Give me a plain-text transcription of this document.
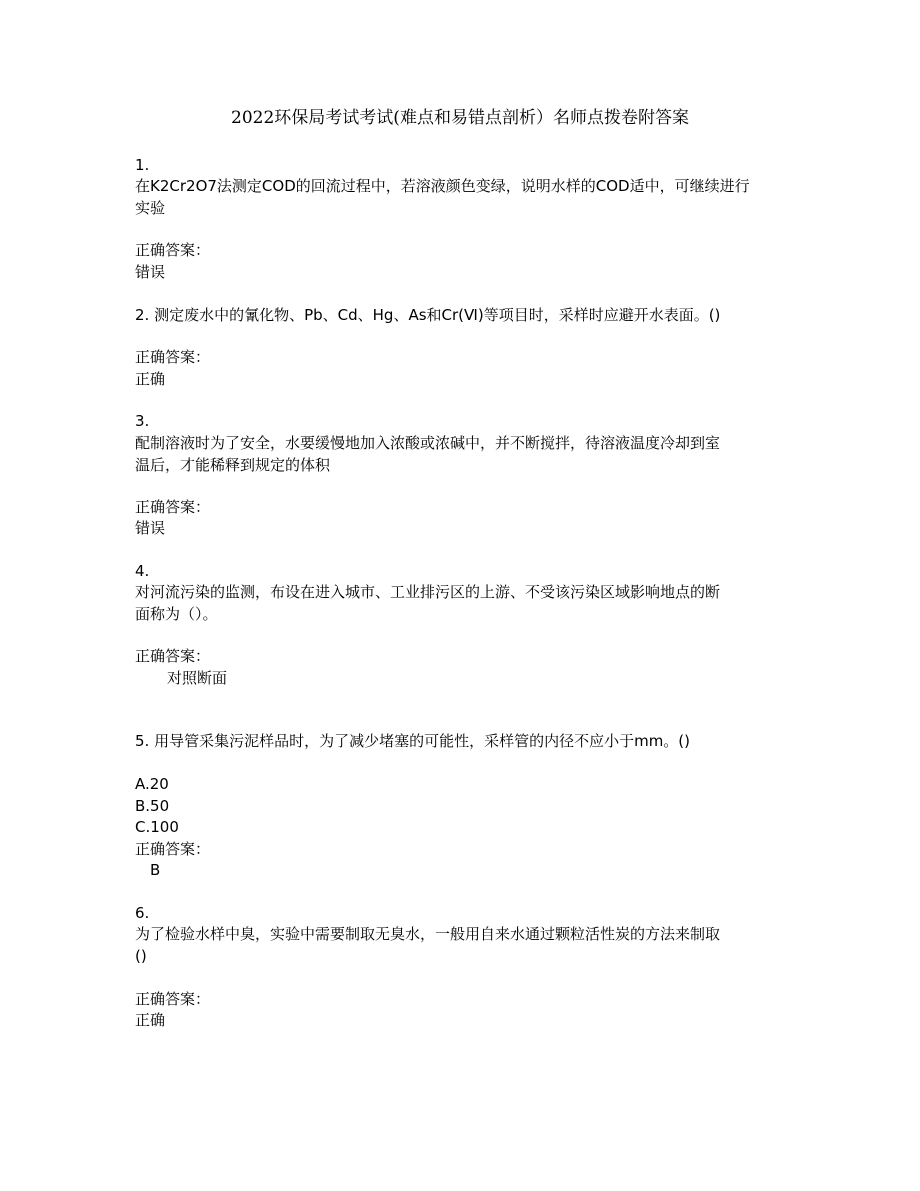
2022环保局考试考试(难点和易错点剖析）名师点拨卷附答案
1.
在K2Cr2O7法测定COD的回流过程中，若溶液颜色变绿，说明水样的COD适中，可继续进行
实验
正确答案：
错误
2. 测定废水中的氰化物、Pb、Cd、Hg、As和Cr(Ⅵ)等项目时，采样时应避开水表面。()
正确答案：
正确
3.
配制溶液时为了安全，水要缓慢地加入浓酸或浓碱中，并不断搅拌，待溶液温度冷却到室
温后，才能稀释到规定的体积
正确答案：
错误
4.
对河流污染的监测，布设在进入城市、工业排污区的上游、不受该污染区域影响地点的断
面称为（）。
正确答案：
对照断面
5. 用导管采集污泥样品时，为了减少堵塞的可能性，采样管的内径不应小于mm。()
A.20
B.50
C.100
正确答案：
B
6.
为了检验水样中臭，实验中需要制取无臭水，一般用自来水通过颗粒活性炭的方法来制取
()
正确答案：
正确
